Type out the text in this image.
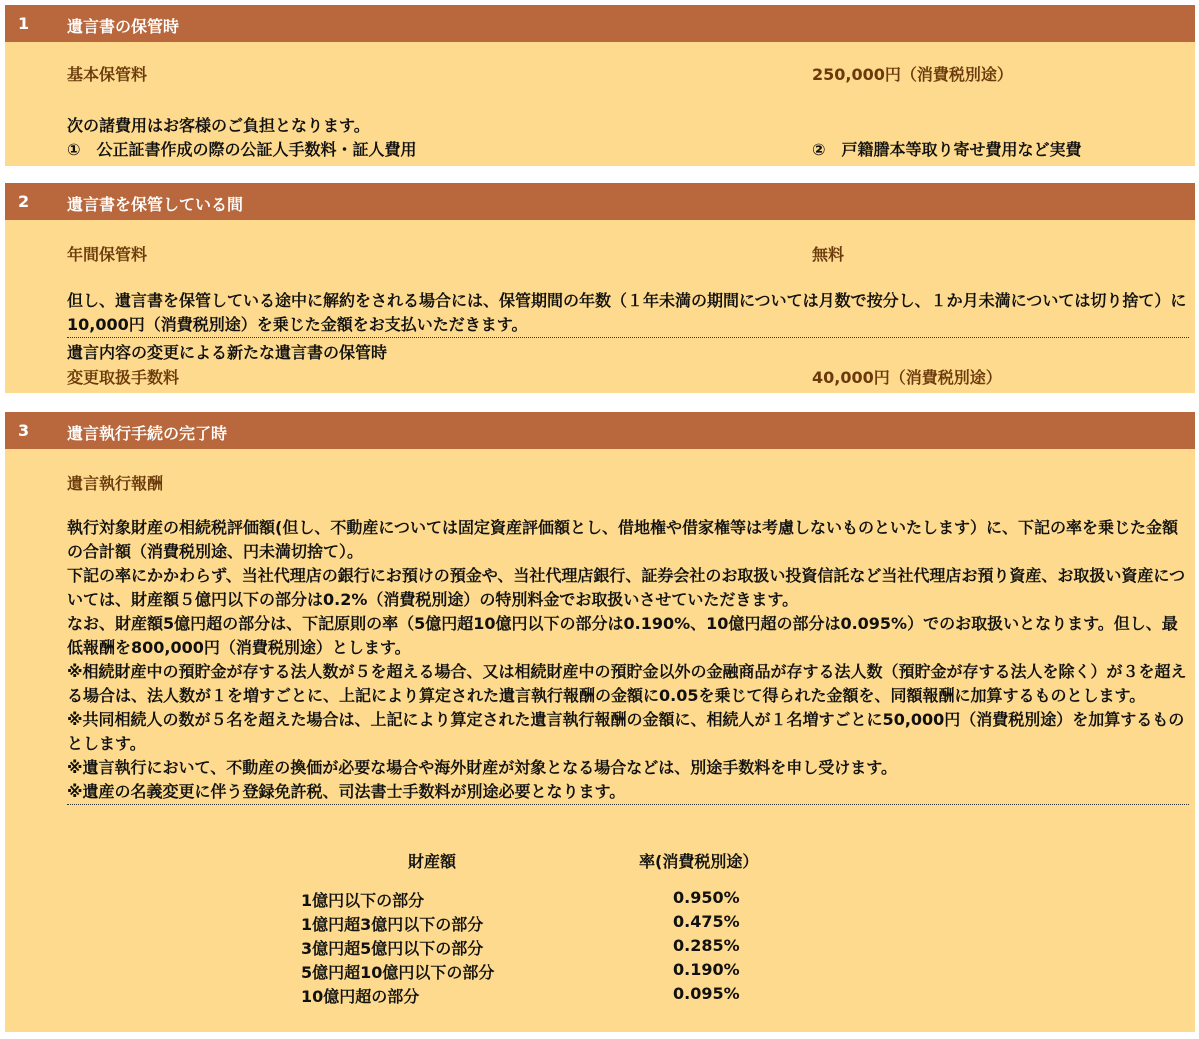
1 遺言書の保管時
基本保管料	250,000円（消費税別途）
次の諸費用はお客様のご負担となります。
①　公正証書作成の際の公証人手数料・証人費用	②　戸籍謄本等取り寄せ費用など実費
2 遺言書を保管している間
年間保管料	無料
但し、遺言書を保管している途中に解約をされる場合には、保管期間の年数（１年未満の期間については月数で按分し、１か月未満については切り捨て）に10,000円（消費税別途）を乗じた金額をお支払いただきます。
遺言内容の変更による新たな遺言書の保管時
変更取扱手数料	40,000円（消費税別途）
3 遺言執行手続の完了時
遺言執行報酬
執行対象財産の相続税評価額(但し、不動産については固定資産評価額とし、借地権や借家権等は考慮しないものといたします）に、下記の率を乗じた金額の合計額（消費税別途、円未満切捨て）。
下記の率にかかわらず、当社代理店の銀行にお預けの預金や、当社代理店銀行、証券会社のお取扱い投資信託など当社代理店お預り資産、お取扱い資産については、財産額５億円以下の部分は0.2%（消費税別途）の特別料金でお取扱いさせていただきます。
なお、財産額5億円超の部分は、下記原則の率（5億円超10億円以下の部分は0.190%、10億円超の部分は0.095%）でのお取扱いとなります。但し、最低報酬を800,000円（消費税別途）とします。
※相続財産中の預貯金が存する法人数が５を超える場合、又は相続財産中の預貯金以外の金融商品が存する法人数（預貯金が存する法人を除く）が３を超える場合は、法人数が１を増すごとに、上記により算定された遺言執行報酬の金額に0.05を乗じて得られた金額を、同額報酬に加算するものとします。
※共同相続人の数が５名を超えた場合は、上記により算定された遺言執行報酬の金額に、相続人が１名増すごとに50,000円（消費税別途）を加算するものとします。
※遺言執行において、不動産の換価が必要な場合や海外財産が対象となる場合などは、別途手数料を申し受けます。
※遺産の名義変更に伴う登録免許税、司法書士手数料が別途必要となります。
財産額	率(消費税別途）
1億円以下の部分	0.950%
1億円超3億円以下の部分	0.475%
3億円超5億円以下の部分	0.285%
5億円超10億円以下の部分	0.190%
10億円超の部分	0.095%
